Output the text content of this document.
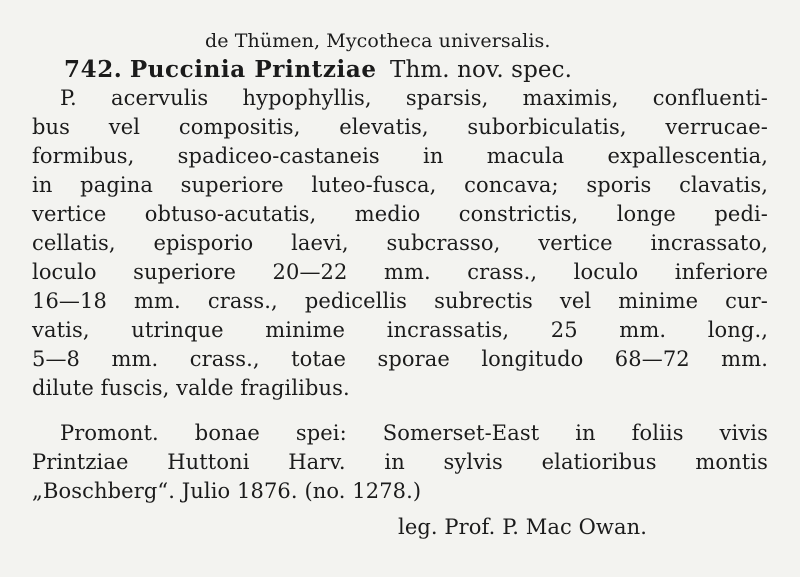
de Thümen, Mycotheca universalis.
742. Puccinia Printziae Thm. nov. spec.
P. acervulis hypophyllis, sparsis, maximis, confluenti-
bus vel compositis, elevatis, suborbiculatis, verrucae-
formibus, spadiceo-castaneis in macula expallescentia,
in pagina superiore luteo-fusca, concava; sporis clavatis,
vertice obtuso-acutatis, medio constrictis, longe pedi-
cellatis, episporio laevi, subcrasso, vertice incrassato,
loculo superiore 20—22 mm. crass., loculo inferiore
16—18 mm. crass., pedicellis subrectis vel minime cur-
vatis, utrinque minime incrassatis, 25 mm. long.,
5—8 mm. crass., totae sporae longitudo 68—72 mm.
dilute fuscis, valde fragilibus.
Promont. bonae spei: Somerset-East in foliis vivis
Printziae Huttoni Harv. in sylvis elatioribus montis
„Boschberg“. Julio 1876. (no. 1278.)
leg. Prof. P. Mac Owan.
